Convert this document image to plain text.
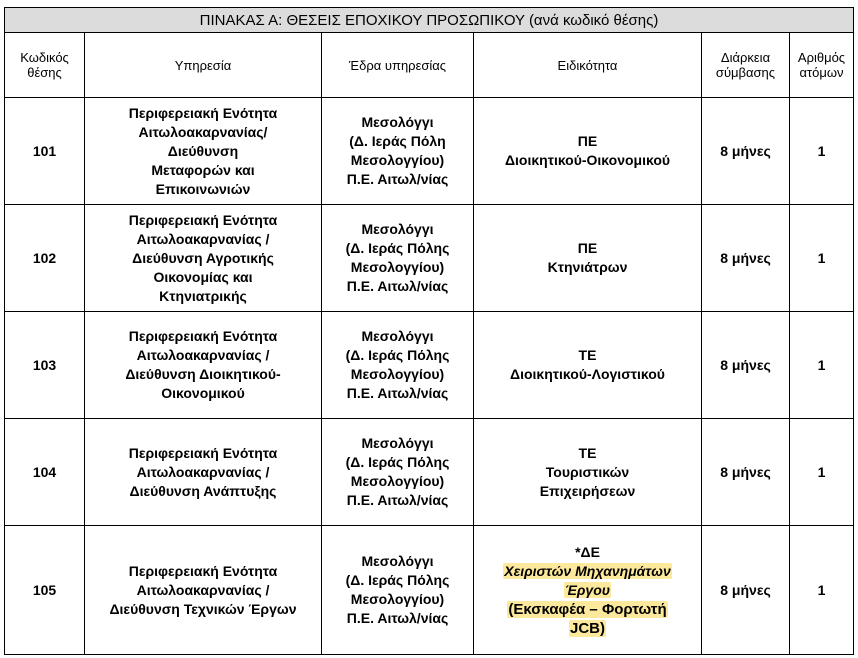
ΠΙΝΑΚΑΣ Α: ΘΕΣΕΙΣ ΕΠΟΧΙΚΟΥ ΠΡΟΣΩΠΙΚΟΥ (ανά κωδικό θέσης)					

Κωδικός
θέσης	Υπηρεσία	Έδρα υπηρεσίας	Ειδικότητα	Διάρκεια
σύμβασης	Αριθμός
ατόμων

101	Περιφερειακή Ενότητα
Αιτωλοακαρνανίας/
Διεύθυνση
Μεταφορών και
Επικοινωνιών	Μεσολόγγι
(Δ. Ιεράς Πόλη
Μεσολογγίου)
Π.Ε. Αιτωλ/νίας	ΠΕ
Διοικητικού-Οικονομικού	8 μήνες	1
102	Περιφερειακή Ενότητα
Αιτωλοακαρνανίας /
Διεύθυνση Αγροτικής
Οικονομίας και
Κτηνιατρικής	Μεσολόγγι
(Δ. Ιεράς Πόλης
Μεσολογγίου)
Π.Ε. Αιτωλ/νίας	ΠΕ
Κτηνιάτρων	8 μήνες	1
103	Περιφερειακή Ενότητα
Αιτωλοακαρνανίας /
Διεύθυνση Διοικητικού-
Οικονομικού	Μεσολόγγι
(Δ. Ιεράς Πόλης
Μεσολογγίου)
Π.Ε. Αιτωλ/νίας	ΤΕ
Διοικητικού-Λογιστικού	8 μήνες	1
104	Περιφερειακή Ενότητα
Αιτωλοακαρνανίας /
Διεύθυνση Ανάπτυξης	Μεσολόγγι
(Δ. Ιεράς Πόλης
Μεσολογγίου)
Π.Ε. Αιτωλ/νίας	ΤΕ
Τουριστικών
Επιχειρήσεων	8 μήνες	1
105	Περιφερειακή Ενότητα
Αιτωλοακαρνανίας /
Διεύθυνση Τεχνικών Έργων	Μεσολόγγι
(Δ. Ιεράς Πόλης
Μεσολογγίου)
Π.Ε. Αιτωλ/νίας	*ΔΕ
Χειριστών Μηχανημάτων
Έργου
(Εκσκαφέα – Φορτωτή
JCB)	8 μήνες	1
